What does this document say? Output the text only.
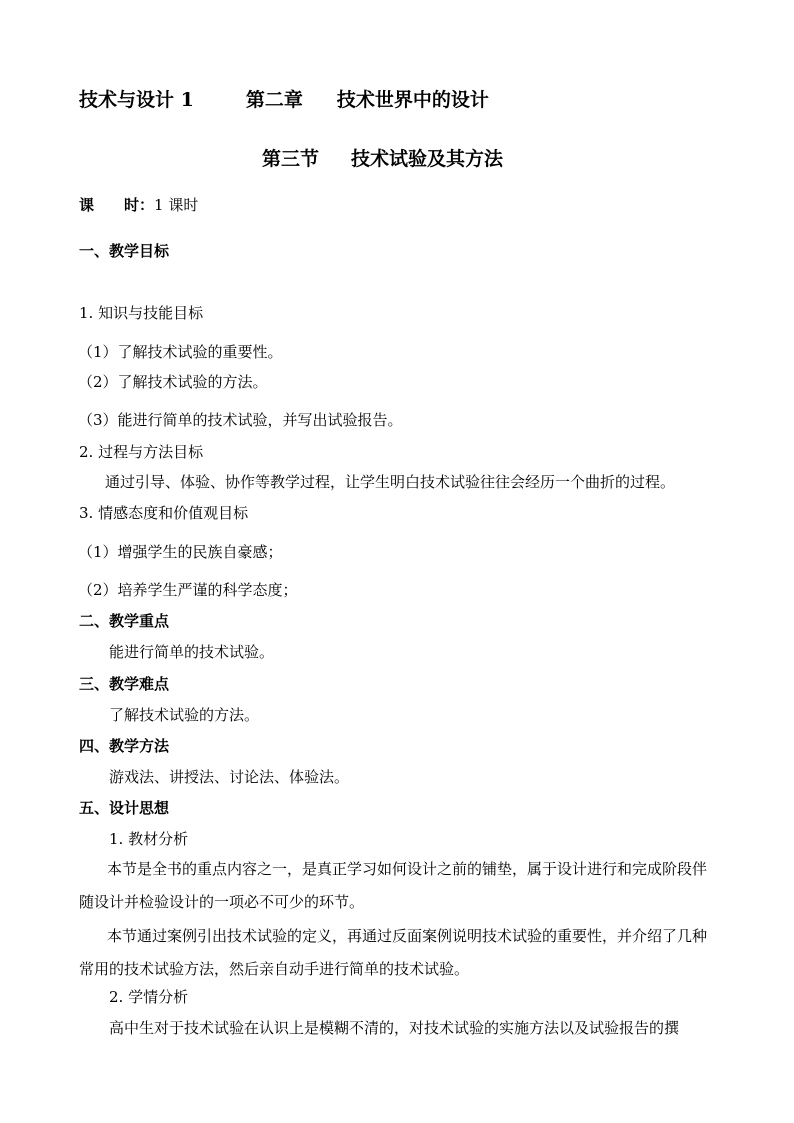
技术与设计 1	第二章 技术世界中的设计
第三节 技术试验及其方法
课　　时：1 课时
一、教学目标
1. 知识与技能目标
（1）了解技术试验的重要性。
（2）了解技术试验的方法。
（3）能进行简单的技术试验，并写出试验报告。
2. 过程与方法目标
通过引导、体验、协作等教学过程，让学生明白技术试验往往会经历一个曲折的过程。
3. 情感态度和价值观目标
（1）增强学生的民族自豪感；
（2）培养学生严谨的科学态度；
二、教学重点
能进行简单的技术试验。
三、教学难点
了解技术试验的方法。
四、教学方法
游戏法、讲授法、讨论法、体验法。
五、设计思想
1. 教材分析
本节是全书的重点内容之一，是真正学习如何设计之前的铺垫，属于设计进行和完成阶段伴随设计并检验设计的一项必不可少的环节。
本节通过案例引出技术试验的定义，再通过反面案例说明技术试验的重要性，并介绍了几种常用的技术试验方法，然后亲自动手进行简单的技术试验。
2. 学情分析
高中生对于技术试验在认识上是模糊不清的，对技术试验的实施方法以及试验报告的撰
